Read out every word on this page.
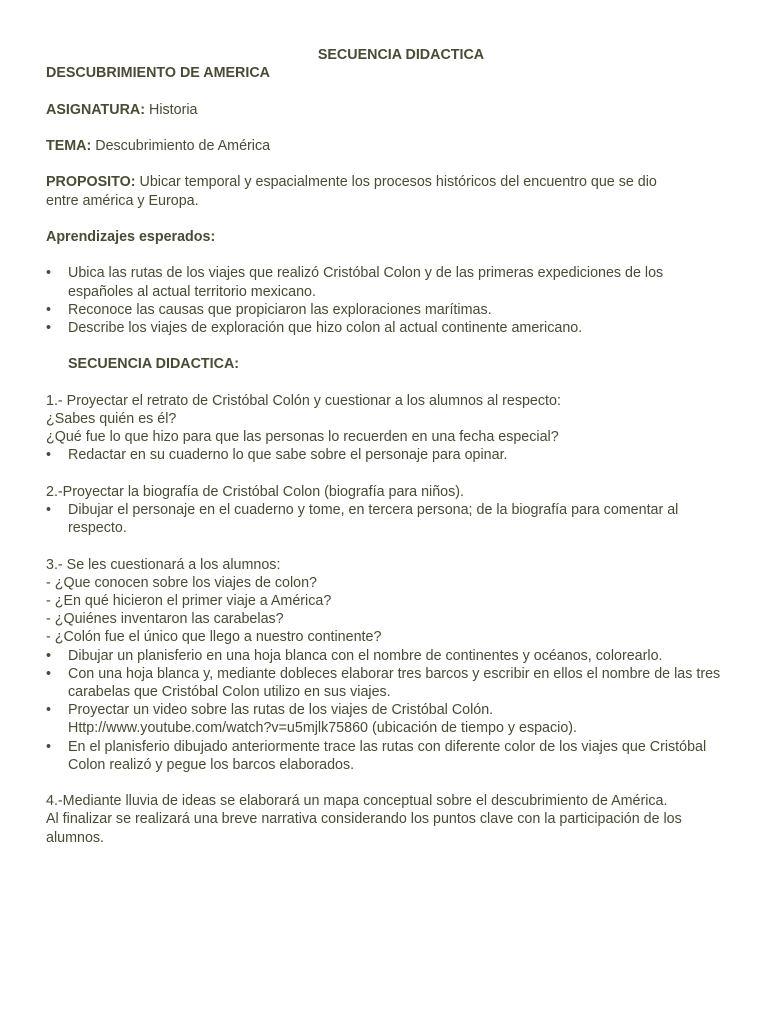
SECUENCIA DIDACTICA
DESCUBRIMIENTO DE AMERICA
ASIGNATURA: Historia
TEMA: Descubrimiento de América
PROPOSITO: Ubicar temporal y espacialmente los procesos históricos del encuentro que se dio
entre américa y Europa.
Aprendizajes esperados:
• Ubica las rutas de los viajes que realizó Cristóbal Colon y de las primeras expediciones de los españoles al actual territorio mexicano.
• Reconoce las causas que propiciaron las exploraciones marítimas.
• Describe los viajes de exploración que hizo colon al actual continente americano.
SECUENCIA DIDACTICA:
1.- Proyectar el retrato de Cristóbal Colón y cuestionar a los alumnos al respecto:
¿Sabes quién es él?
¿Qué fue lo que hizo para que las personas lo recuerden en una fecha especial?
• Redactar en su cuaderno lo que sabe sobre el personaje para opinar.
2.-Proyectar la biografía de Cristóbal Colon (biografía para niños).
• Dibujar el personaje en el cuaderno y tome, en tercera persona; de la biografía para comentar al respecto.
3.- Se les cuestionará a los alumnos:
- ¿Que conocen sobre los viajes de colon?
- ¿En qué hicieron el primer viaje a América?
- ¿Quiénes inventaron las carabelas?
- ¿Colón fue el único que llego a nuestro continente?
• Dibujar un planisferio en una hoja blanca con el nombre de continentes y océanos, colorearlo.
• Con una hoja blanca y, mediante dobleces elaborar tres barcos y escribir en ellos el nombre de las tres carabelas que Cristóbal Colon utilizo en sus viajes.
• Proyectar un video sobre las rutas de los viajes de Cristóbal Colón.
Http://www.youtube.com/watch?v=u5mjlk75860 (ubicación de tiempo y espacio).
• En el planisferio dibujado anteriormente trace las rutas con diferente color de los viajes que Cristóbal Colon realizó y pegue los barcos elaborados.
4.-Mediante lluvia de ideas se elaborará un mapa conceptual sobre el descubrimiento de América.
Al finalizar se realizará una breve narrativa considerando los puntos clave con la participación de los alumnos.
